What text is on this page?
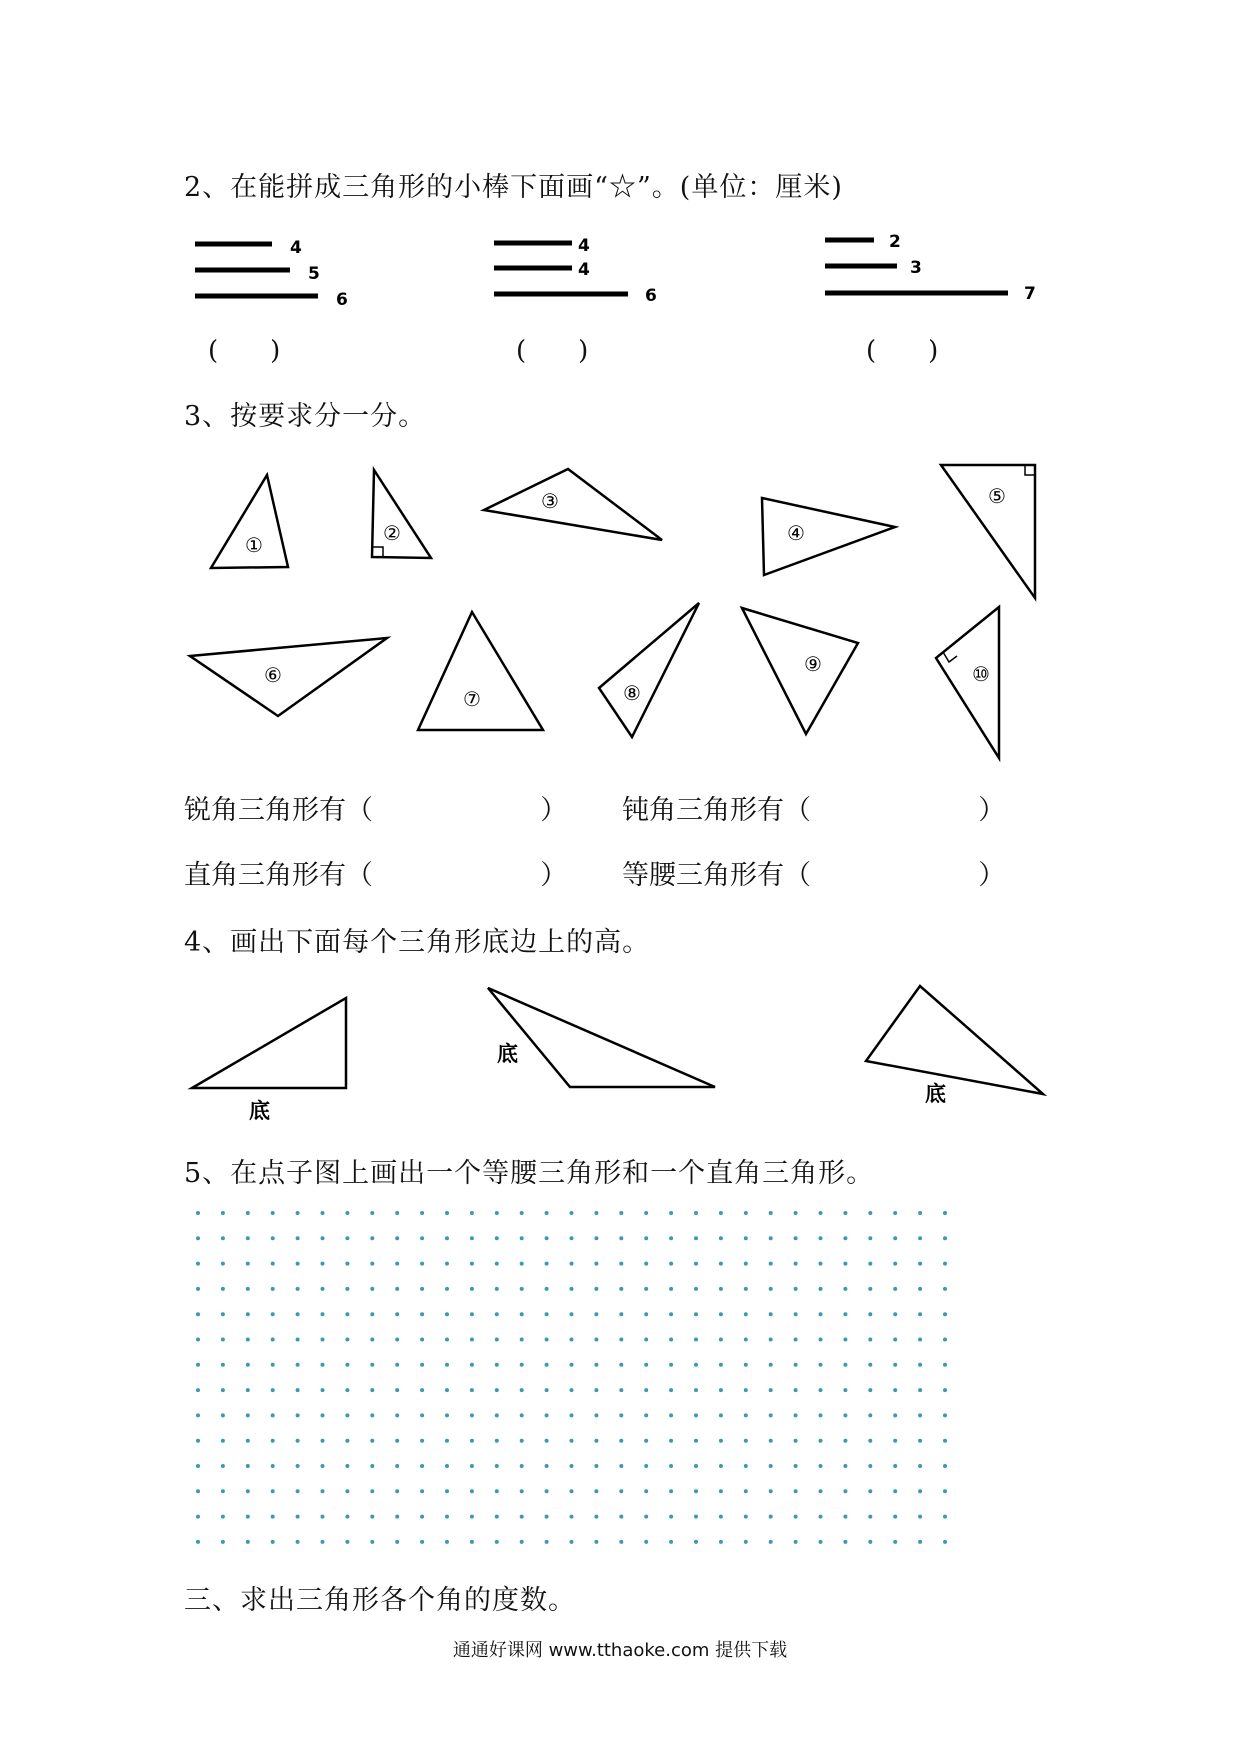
2、在能拼成三角形的小棒下面画“☆”。(单位：厘米)
4
5
6
4
4
6
2
3
7
(　　)	(　　)	(　　)
3、按要求分一分。
①	②
③
④
⑤
⑥
⑦	⑧
⑨	⑩
锐角三角形有（	） 钝角三角形有（	）
直角三角形有（	） 等腰三角形有（	）
4、画出下面每个三角形底边上的高。
底
底
底
5、在点子图上画出一个等腰三角形和一个直角三角形。
三、求出三角形各个角的度数。
通通好课网 www.tthaoke.com 提供下载
